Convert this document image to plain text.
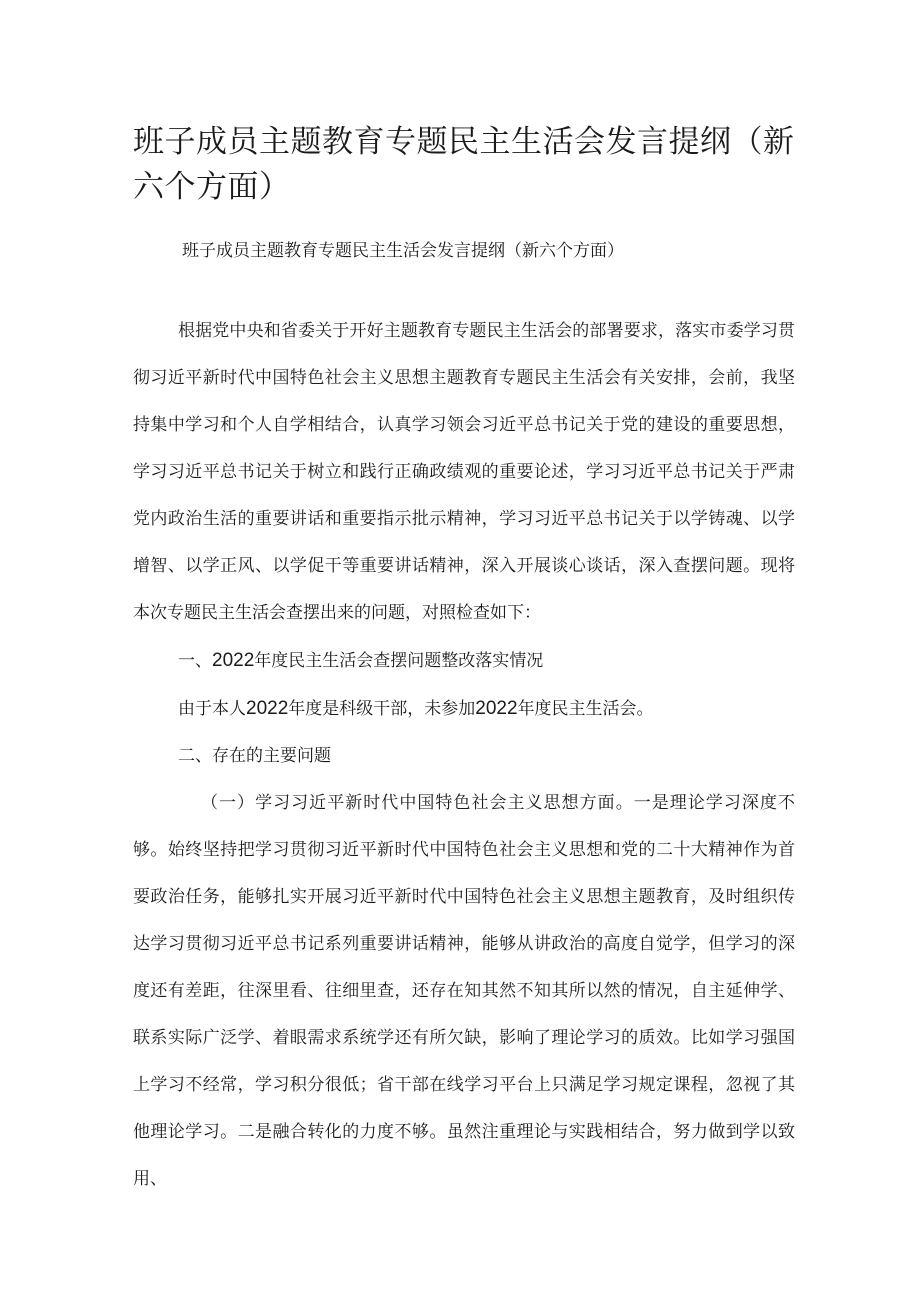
班子成员主题教育专题民主生活会发言提纲（新六个方面）

班子成员主题教育专题民主生活会发言提纲（新六个方面）

根据党中央和省委关于开好主题教育专题民主生活会的部署要求，落实市委学习贯彻习近平新时代中国特色社会主义思想主题教育专题民主生活会有关安排，会前，我坚持集中学习和个人自学相结合，认真学习领会习近平总书记关于党的建设的重要思想，学习习近平总书记关于树立和践行正确政绩观的重要论述，学习习近平总书记关于严肃党内政治生活的重要讲话和重要指示批示精神，学习习近平总书记关于以学铸魂、以学增智、以学正风、以学促干等重要讲话精神，深入开展谈心谈话，深入查摆问题。现将本次专题民主生活会查摆出来的问题，对照检查如下：

一、2022年度民主生活会查摆问题整改落实情况

由于本人2022年度是科级干部，未参加2022年度民主生活会。

二、存在的主要问题

（一）学习习近平新时代中国特色社会主义思想方面。一是理论学习深度不够。始终坚持把学习贯彻习近平新时代中国特色社会主义思想和党的二十大精神作为首要政治任务，能够扎实开展习近平新时代中国特色社会主义思想主题教育，及时组织传达学习贯彻习近平总书记系列重要讲话精神，能够从讲政治的高度自觉学，但学习的深度还有差距，往深里看、往细里查，还存在知其然不知其所以然的情况，自主延伸学、联系实际广泛学、着眼需求系统学还有所欠缺，影响了理论学习的质效。比如学习强国上学习不经常，学习积分很低；省干部在线学习平台上只满足学习规定课程，忽视了其他理论学习。二是融合转化的力度不够。虽然注重理论与实践相结合，努力做到学以致用、
